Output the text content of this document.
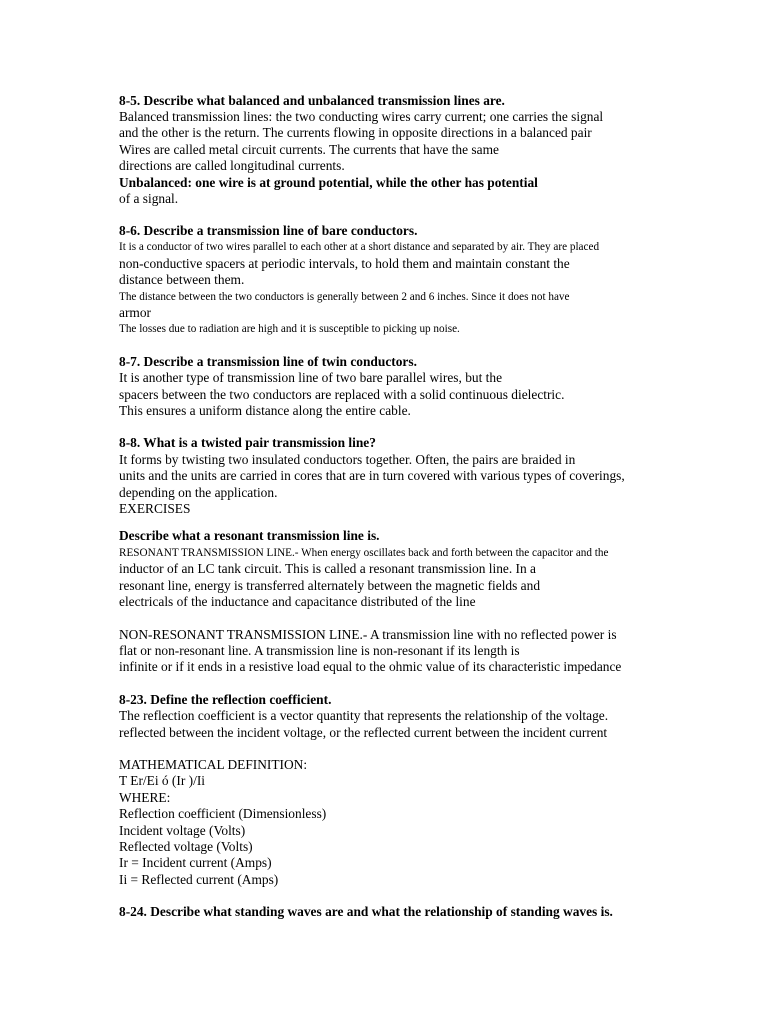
8-5. Describe what balanced and unbalanced transmission lines are.
Balanced transmission lines: the two conducting wires carry current; one carries the signal
and the other is the return. The currents flowing in opposite directions in a balanced pair
Wires are called metal circuit currents. The currents that have the same
directions are called longitudinal currents.
Unbalanced: one wire is at ground potential, while the other has potential
of a signal.
8-6. Describe a transmission line of bare conductors.
It is a conductor of two wires parallel to each other at a short distance and separated by air. They are placed
non-conductive spacers at periodic intervals, to hold them and maintain constant the
distance between them.
The distance between the two conductors is generally between 2 and 6 inches. Since it does not have
armor
The losses due to radiation are high and it is susceptible to picking up noise.
8-7. Describe a transmission line of twin conductors.
It is another type of transmission line of two bare parallel wires, but the
spacers between the two conductors are replaced with a solid continuous dielectric.
This ensures a uniform distance along the entire cable.
8-8. What is a twisted pair transmission line?
It forms by twisting two insulated conductors together. Often, the pairs are braided in
units and the units are carried in cores that are in turn covered with various types of coverings,
depending on the application.
EXERCISES
Describe what a resonant transmission line is.
RESONANT TRANSMISSION LINE.- When energy oscillates back and forth between the capacitor and the
inductor of an LC tank circuit. This is called a resonant transmission line. In a
resonant line, energy is transferred alternately between the magnetic fields and
electricals of the inductance and capacitance distributed of the line
NON-RESONANT TRANSMISSION LINE.- A transmission line with no reflected power is
flat or non-resonant line. A transmission line is non-resonant if its length is
infinite or if it ends in a resistive load equal to the ohmic value of its characteristic impedance
8-23. Define the reflection coefficient.
The reflection coefficient is a vector quantity that represents the relationship of the voltage.
reflected between the incident voltage, or the reflected current between the incident current
MATHEMATICAL DEFINITION:
T Er/Ei ó (Ir )/Ii
WHERE:
Reflection coefficient (Dimensionless)
Incident voltage (Volts)
Reflected voltage (Volts)
Ir = Incident current (Amps)
Ii = Reflected current (Amps)
8-24. Describe what standing waves are and what the relationship of standing waves is.
